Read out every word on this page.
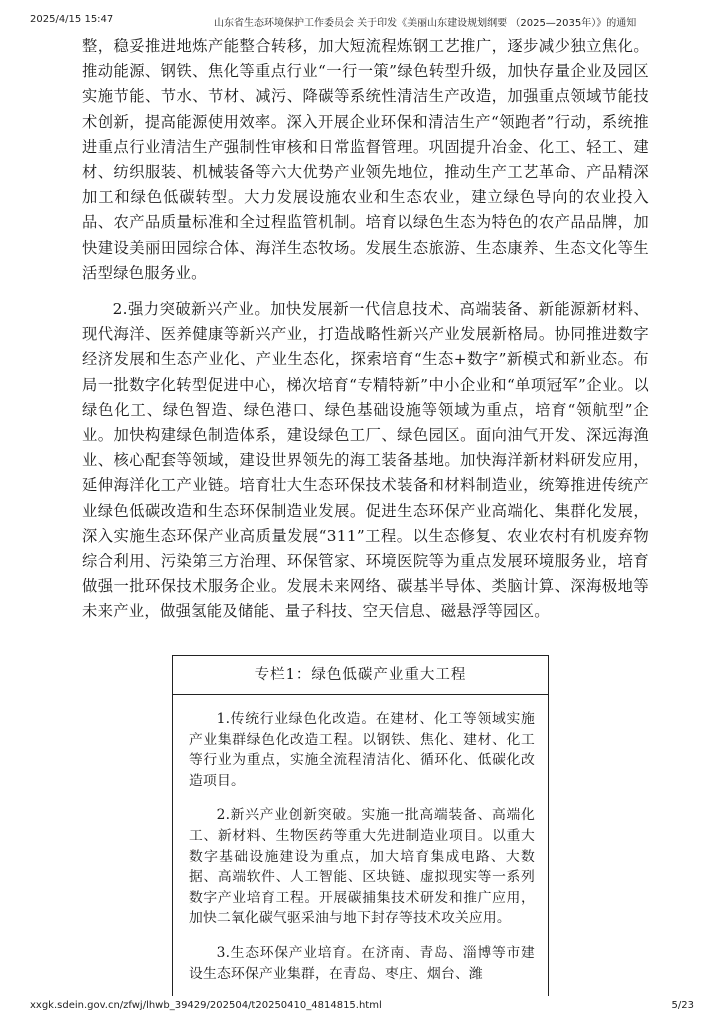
2025/4/15 15:47	山东省生态环境保护工作委员会 关于印发《美丽山东建设规划纲要 （2025—2035年）》的通知

整，稳妥推进地炼产能整合转移，加大短流程炼钢工艺推广，逐步减少独立焦化。推动能源、钢铁、焦化等重点行业“一行一策”绿色转型升级，加快存量企业及园区实施节能、节水、节材、减污、降碳等系统性清洁生产改造，加强重点领域节能技术创新，提高能源使用效率。深入开展企业环保和清洁生产“领跑者”行动，系统推进重点行业清洁生产强制性审核和日常监督管理。巩固提升冶金、化工、轻工、建材、纺织服装、机械装备等六大优势产业领先地位，推动生产工艺革命、产品精深加工和绿色低碳转型。大力发展设施农业和生态农业，建立绿色导向的农业投入品、农产品质量标准和全过程监管机制。培育以绿色生态为特色的农产品品牌，加快建设美丽田园综合体、海洋生态牧场。发展生态旅游、生态康养、生态文化等生活型绿色服务业。

2.强力突破新兴产业。加快发展新一代信息技术、高端装备、新能源新材料、现代海洋、医养健康等新兴产业，打造战略性新兴产业发展新格局。协同推进数字经济发展和生态产业化、产业生态化，探索培育“生态+数字”新模式和新业态。布局一批数字化转型促进中心，梯次培育“专精特新”中小企业和“单项冠军”企业。以绿色化工、绿色智造、绿色港口、绿色基础设施等领域为重点，培育“领航型”企业。加快构建绿色制造体系，建设绿色工厂、绿色园区。面向油气开发、深远海渔业、核心配套等领域，建设世界领先的海工装备基地。加快海洋新材料研发应用，延伸海洋化工产业链。培育壮大生态环保技术装备和材料制造业，统筹推进传统产业绿色低碳改造和生态环保制造业发展。促进生态环保产业高端化、集群化发展，深入实施生态环保产业高质量发展“311”工程。以生态修复、农业农村有机废弃物综合利用、污染第三方治理、环保管家、环境医院等为重点发展环境服务业，培育做强一批环保技术服务企业。发展未来网络、碳基半导体、类脑计算、深海极地等未来产业，做强氢能及储能、量子科技、空天信息、磁悬浮等园区。

专栏1：绿色低碳产业重大工程

1.传统行业绿色化改造。在建材、化工等领域实施产业集群绿色化改造工程。以钢铁、焦化、建材、化工等行业为重点，实施全流程清洁化、循环化、低碳化改造项目。

2.新兴产业创新突破。实施一批高端装备、高端化工、新材料、生物医药等重大先进制造业项目。以重大数字基础设施建设为重点，加大培育集成电路、大数据、高端软件、人工智能、区块链、虚拟现实等一系列数字产业培育工程。开展碳捕集技术研发和推广应用，加快二氧化碳气驱采油与地下封存等技术攻关应用。

3.生态环保产业培育。在济南、青岛、淄博等市建设生态环保产业集群，在青岛、枣庄、烟台、潍

xxgk.sdein.gov.cn/zfwj/lhwb_39429/202504/t20250410_4814815.html	5/23
